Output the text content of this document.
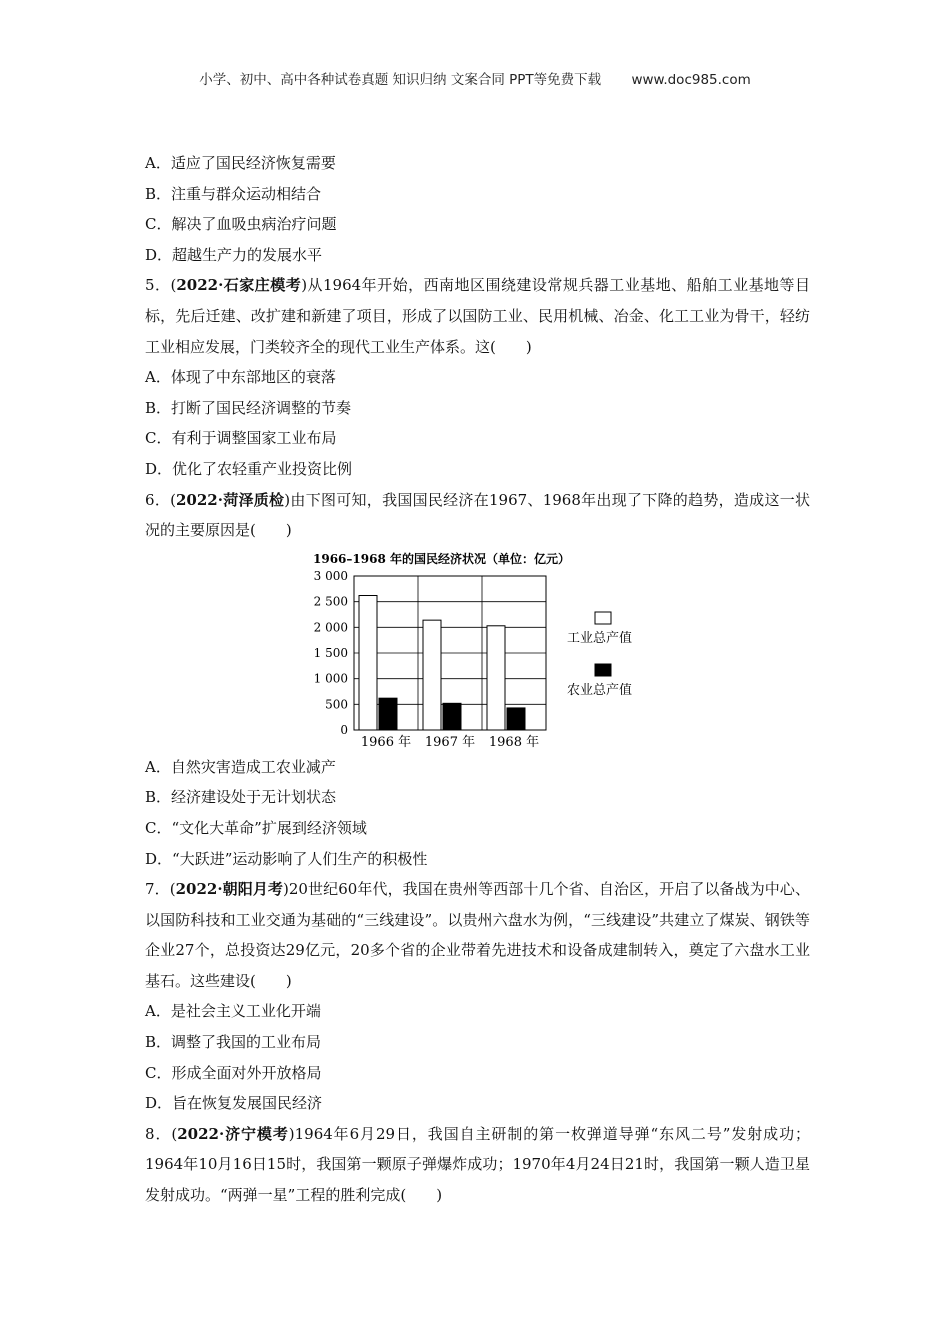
小学、初中、高中各种试卷真题 知识归纳 文案合同 PPT等免费下载 www.doc985.com
A．适应了国民经济恢复需要
B．注重与群众运动相结合
C．解决了血吸虫病治疗问题
D．超越生产力的发展水平
5．(2022·石家庄模考)从1964年开始，西南地区围绕建设常规兵器工业基地、船舶工业基地等目标，先后迁建、改扩建和新建了项目，形成了以国防工业、民用机械、冶金、化工工业为骨干，轻纺工业相应发展，门类较齐全的现代工业生产体系。这(　　)
A．体现了中东部地区的衰落
B．打断了国民经济调整的节奏
C．有利于调整国家工业布局
D．优化了农轻重产业投资比例
6．(2022·菏泽质检)由下图可知，我国国民经济在1967、1968年出现了下降的趋势，造成这一状况的主要原因是(　　)
1966–1968 年的国民经济状况（单位：亿元）
3 000
2 500
2 000
1 500
1 000
500
0
1966 年 1967 年 1968 年
工业总产值
农业总产值
A．自然灾害造成工农业减产
B．经济建设处于无计划状态
C．“文化大革命”扩展到经济领域
D．“大跃进”运动影响了人们生产的积极性
7．(2022·朝阳月考)20世纪60年代，我国在贵州等西部十几个省、自治区，开启了以备战为中心、以国防科技和工业交通为基础的“三线建设”。以贵州六盘水为例，“三线建设”共建立了煤炭、钢铁等企业27个，总投资达29亿元，20多个省的企业带着先进技术和设备成建制转入，奠定了六盘水工业基石。这些建设(　　)
A．是社会主义工业化开端
B．调整了我国的工业布局
C．形成全面对外开放格局
D．旨在恢复发展国民经济
8．(2022·济宁模考)1964年6月29日，我国自主研制的第一枚弹道导弹“东风二号”发射成功；1964年10月16日15时，我国第一颗原子弹爆炸成功；1970年4月24日21时，我国第一颗人造卫星发射成功。“两弹一星”工程的胜利完成(　　)
